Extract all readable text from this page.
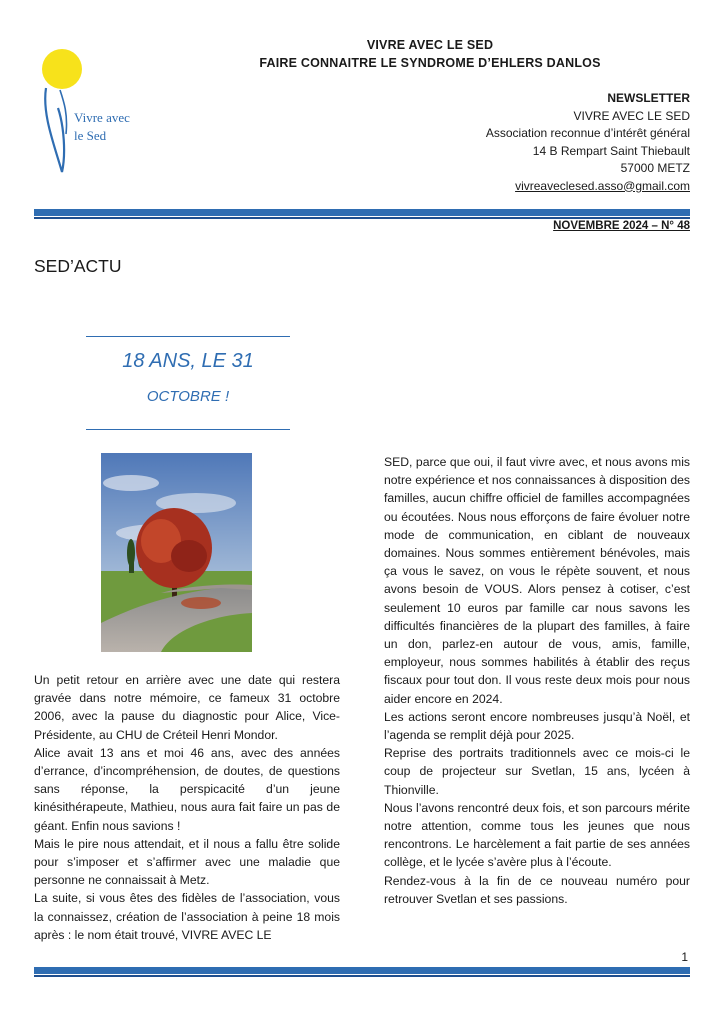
VIVRE AVEC LE SED
FAIRE CONNAITRE LE SYNDROME D’EHLERS DANLOS
Vivre avec
le Sed
NEWSLETTER
VIVRE AVEC LE SED
Association reconnue d’intérêt général
14 B Rempart Saint Thiebault
57000 METZ
vivreaveclesed.asso@gmail.com
NOVEMBRE 2024 – N° 48
SED’ACTU
18 ANS, LE 31
OCTOBRE !

Un petit retour en arrière avec une date qui restera gravée dans notre mémoire, ce fameux 31 octobre 2006, avec la pause du diagnostic pour Alice, Vice-Présidente, au CHU de Créteil Henri Mondor.

Alice avait 13 ans et moi 46 ans, avec des années d’errance, d’incompréhension, de doutes, de questions sans réponse, la perspicacité d’un jeune kinésithérapeute, Mathieu, nous aura fait faire un pas de géant. Enfin nous savions !

Mais le pire nous attendait, et il nous a fallu être solide pour s’imposer et s’affirmer avec une maladie que personne ne connaissait à Metz.

La suite, si vous êtes des fidèles de l’association, vous la connaissez, création de l’association à peine 18 mois après : le nom était trouvé, VIVRE AVEC LE

SED, parce que oui, il faut vivre avec, et nous avons mis notre expérience et nos connaissances à disposition des familles, aucun chiffre officiel de familles accompagnées ou écoutées. Nous nous efforçons de faire évoluer notre mode de communication, en ciblant de nouveaux domaines. Nous sommes entièrement bénévoles, mais ça vous le savez, on vous le répète souvent, et nous avons besoin de VOUS. Alors pensez à cotiser, c’est seulement 10 euros par famille car nous savons les difficultés financières de la plupart des familles, à faire un don, parlez-en autour de vous, amis, famille, employeur, nous sommes habilités à établir des reçus fiscaux pour tout don. Il vous reste deux mois pour nous aider encore en 2024.

Les actions seront encore nombreuses jusqu’à Noël, et l’agenda se remplit déjà pour 2025.

Reprise des portraits traditionnels avec ce mois-ci le coup de projecteur sur Svetlan, 15 ans, lycéen à Thionville.

Nous l’avons rencontré deux fois, et son parcours mérite notre attention, comme tous les jeunes que nous rencontrons. Le harcèlement a fait partie de ses années collège, et le lycée s’avère plus à l’écoute.

Rendez-vous à la fin de ce nouveau numéro pour retrouver Svetlan et ses passions.

1
